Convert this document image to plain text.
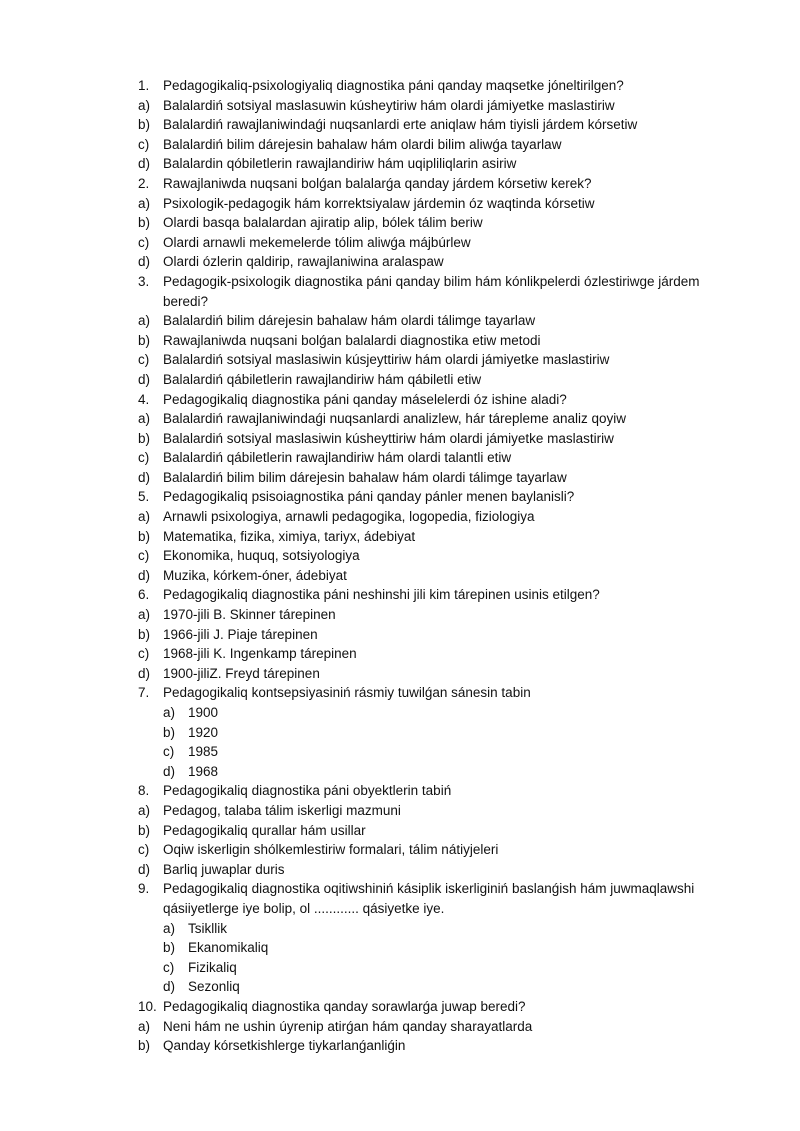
1.	Pedagogikaliq-psixologiyaliq diagnostika páni qanday maqsetke jóneltirilgen?
a) Balalardiń sotsiyal maslasuwin kúsheytiriw hám olardi jámiyetke maslastiriw
b) Balalardiń rawajlaniwindaǵi nuqsanlardi erte aniqlaw hám tiyisli járdem kórsetiw
c)	Balalardiń bilim dárejesin bahalaw hám olardi bilim aliwǵa tayarlaw
d) Balalardin qóbiletlerin rawajlandiriw hám uqipliliqlarin asiriw
2.	Rawajlaniwda nuqsani bolǵan balalarǵa qanday járdem kórsetiw kerek?
a) Psixologik-pedagogik hám korrektsiyalaw járdemin óz waqtinda kórsetiw
b) Olardi basqa balalardan ajiratip alip, bólek tálim beriw
c)	Olardi arnawli mekemelerde tólim aliwǵa májbúrlew
d) Olardi ózlerin qaldirip, rawajlaniwina aralaspaw
3.	Pedagogik-psixologik diagnostika páni qanday bilim hám kónlikpelerdi ózlestiriwge járdem beredi?
a) Balalardiń bilim dárejesin bahalaw hám olardi tálimge tayarlaw
b) Rawajlaniwda nuqsani bolǵan balalardi diagnostika etiw metodi
c)	Balalardiń sotsiyal maslasiwin kúsjeyttiriw hám olardi jámiyetke maslastiriw
d) Balalardiń qábiletlerin rawajlandiriw hám qábiletli etiw
4.	Pedagogikaliq diagnostika páni qanday máselelerdi óz ishine aladi?
a) Balalardiń rawajlaniwindaǵi nuqsanlardi analizlew, hár tárepleme analiz qoyiw
b) Balalardiń sotsiyal maslasiwin kúsheyttiriw hám olardi jámiyetke maslastiriw
c)	Balalardiń qábiletlerin rawajlandiriw hám olardi talantli etiw
d) Balalardiń bilim bilim dárejesin bahalaw hám olardi tálimge tayarlaw
5.	Pedagogikaliq psisoiagnostika páni qanday pánler menen baylanisli?
a) Arnawli psixologiya, arnawli pedagogika, logopedia, fiziologiya
b) Matematika, fizika, ximiya, tariyx, ádebiyat
c)	Ekonomika, huquq, sotsiyologiya
d) Muzika, kórkem-óner, ádebiyat
6.	Pedagogikaliq diagnostika páni neshinshi jili kim tárepinen usinis etilgen?
a) 1970-jili B. Skinner tárepinen
b) 1966-jili J. Piaje tárepinen
c)	1968-jili K. Ingenkamp tárepinen
d) 1900-jiliZ. Freyd tárepinen
7.	Pedagogikaliq kontsepsiyasiniń rásmiy tuwilǵan sánesin tabin
a) 1900
b) 1920
c)	1985
d) 1968
8.	Pedagogikaliq diagnostika páni obyektlerin tabiń
a) Pedagog, talaba tálim iskerligi mazmuni
b) Pedagogikaliq qurallar hám usillar
c)	Oqiw iskerligin shólkemlestiriw formalari, tálim nátiyjeleri
d) Barliq juwaplar duris
9.	Pedagogikaliq diagnostika oqitiwshiniń kásiplik iskerliginiń baslanǵish hám juwmaqlawshi qásiiyetlerge iye bolip, ol ............ qásiyetke iye.
a) Tsikllik
b) Ekanomikaliq
c)	Fizikaliq
d) Sezonliq
10. Pedagogikaliq diagnostika qanday sorawlarǵa juwap beredi?
a) Neni hám ne ushin úyrenip atirǵan hám qanday sharayatlarda
b) Qanday kórsetkishlerge tiykarlanǵanliǵin
